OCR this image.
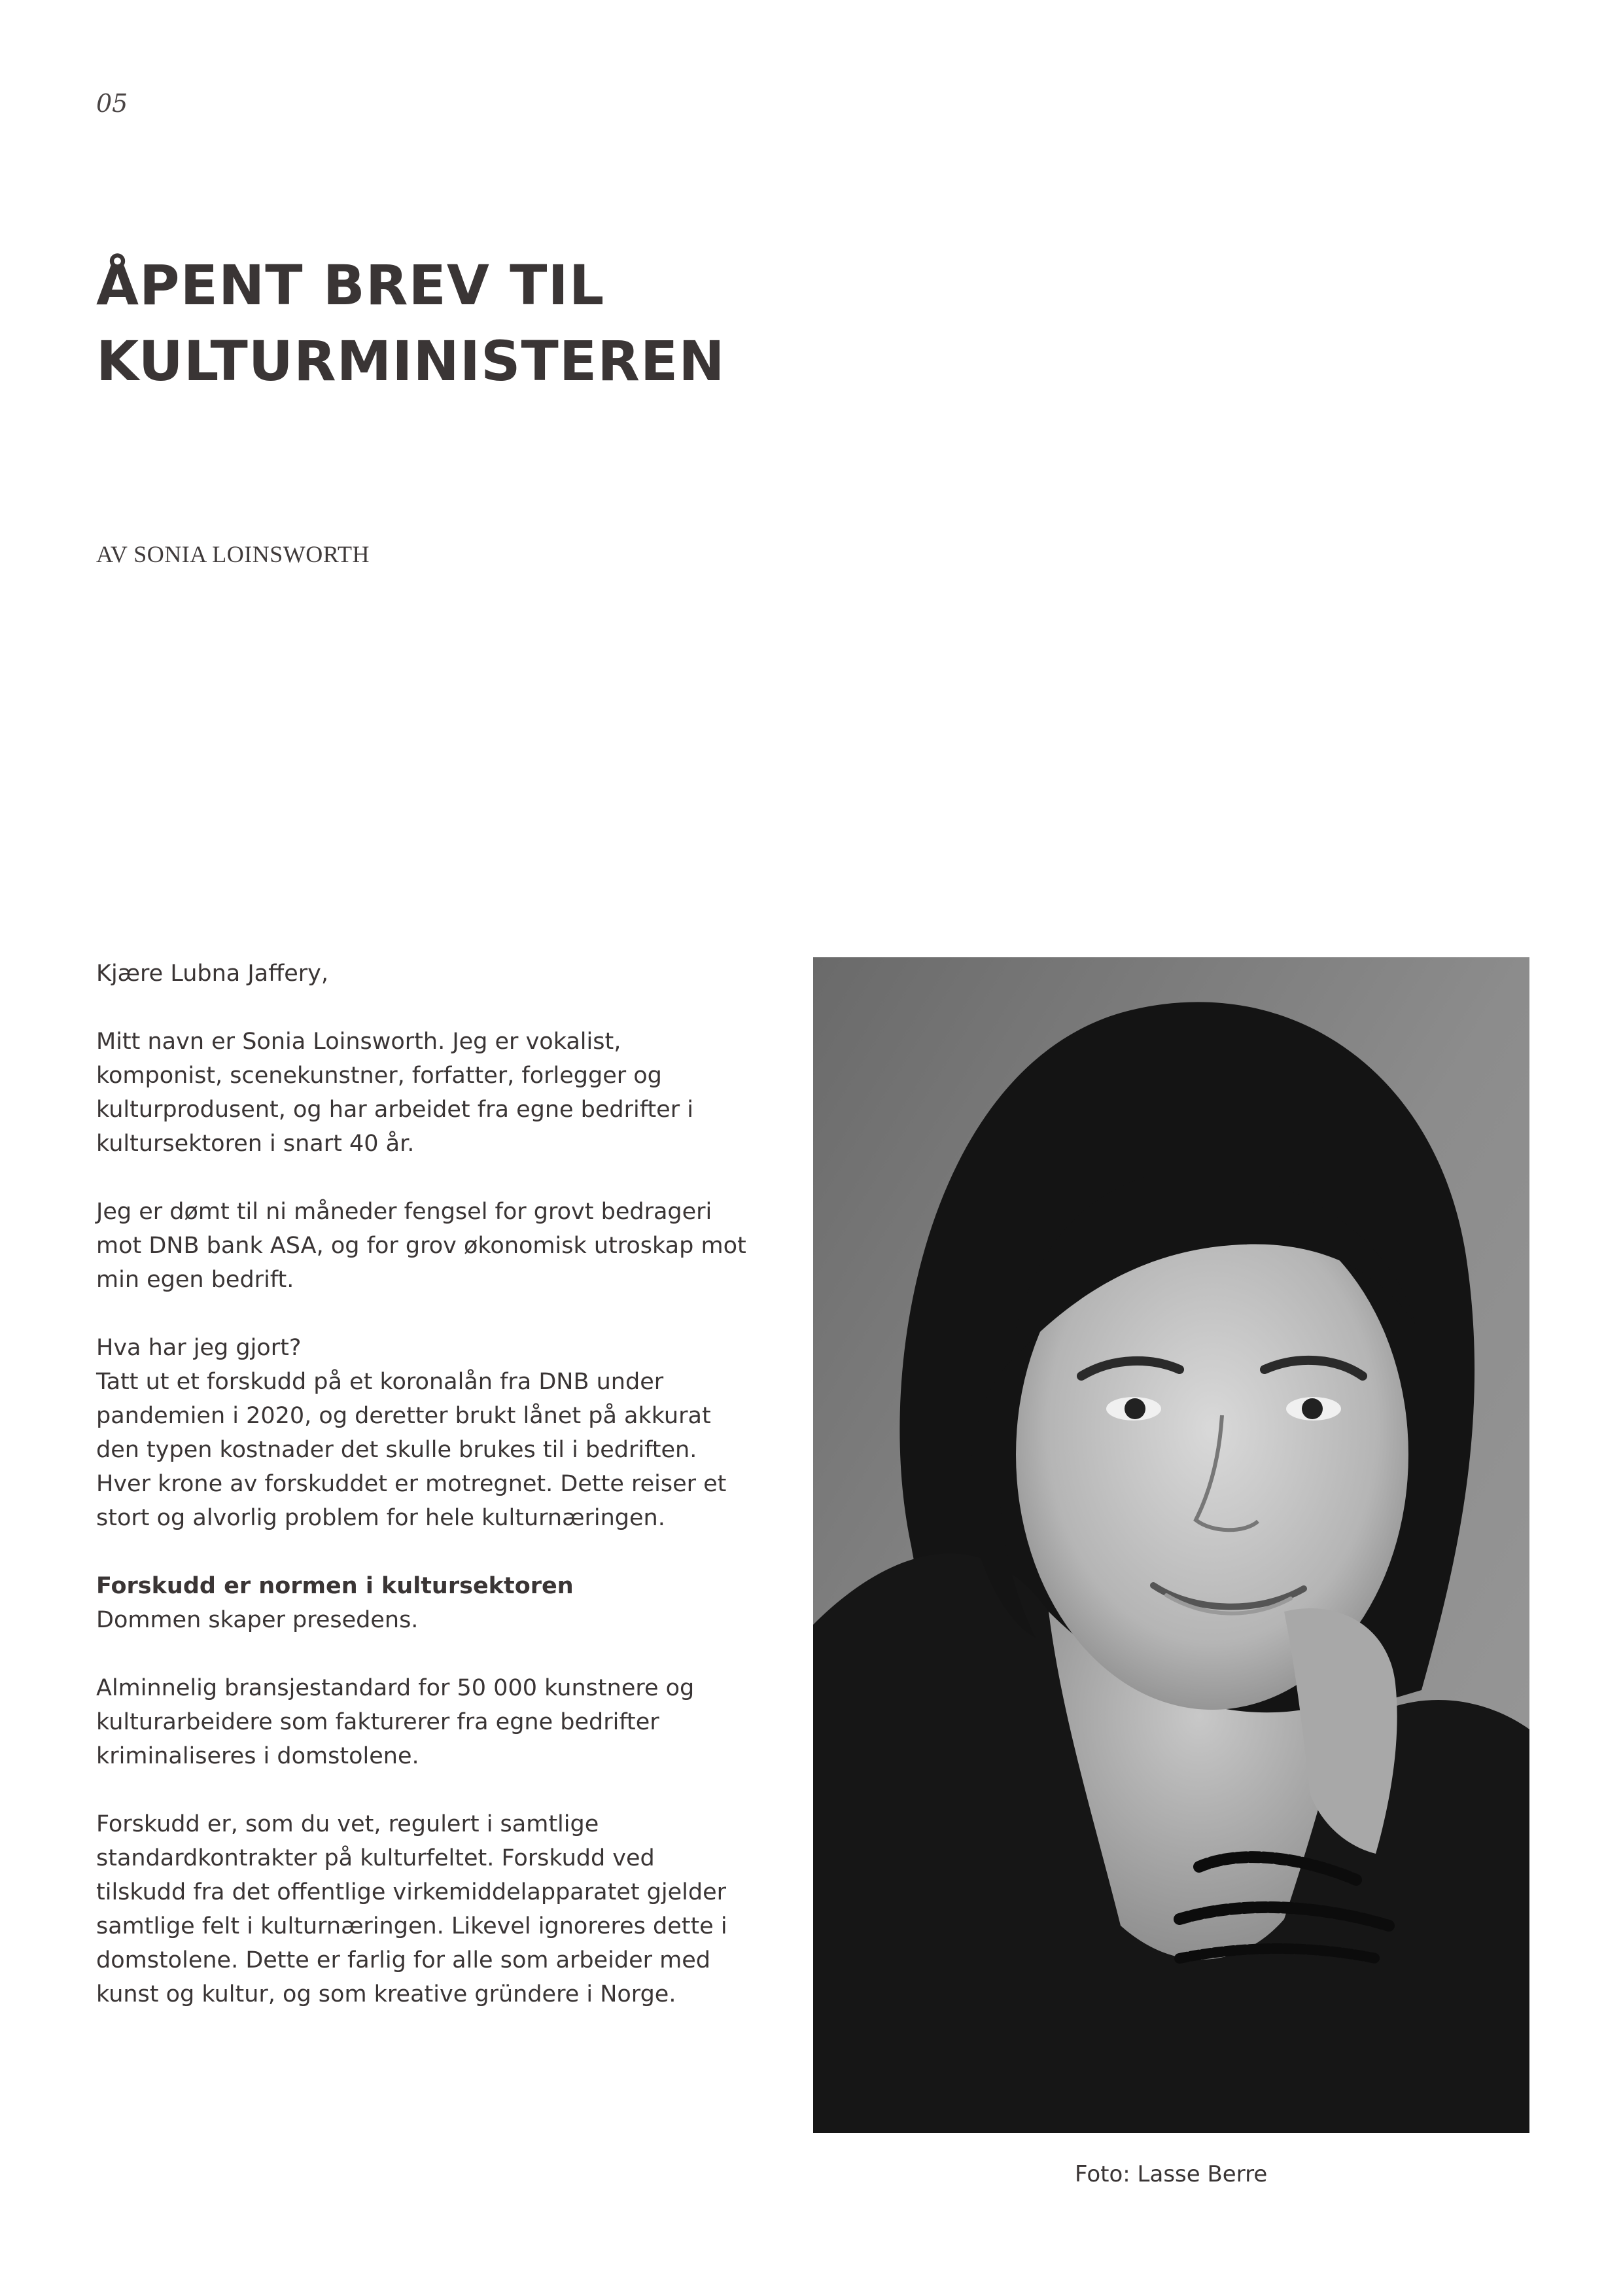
05
ÅPENT BREV TIL
KULTURMINISTEREN
AV SONIA LOINSWORTH

Kjære Lubna Jaffery,

Mitt navn er Sonia Loinsworth. Jeg er vokalist, komponist, scenekunstner, forfatter, forlegger og kulturprodusent, og har arbeidet fra egne bedrifter i kultursektoren i snart 40 år.

Jeg er dømt til ni måneder fengsel for grovt bedrageri mot DNB bank ASA, og for grov økonomisk utroskap mot min egen bedrift.

Hva har jeg gjort?
Tatt ut et forskudd på et koronalån fra DNB under pandemien i 2020, og deretter brukt lånet på akkurat den typen kostnader det skulle brukes til i bedriften. Hver krone av forskuddet er motregnet. Dette reiser et stort og alvorlig problem for hele kulturnæringen.

Forskudd er normen i kultursektoren
Dommen skaper presedens.

Alminnelig bransjestandard for 50 000 kunstnere og kulturarbeidere som fakturerer fra egne bedrifter kriminaliseres i domstolene.

Forskudd er, som du vet, regulert i samtlige standardkontrakter på kulturfeltet. Forskudd ved tilskudd fra det offentlige virkemiddelapparatet gjelder samtlige felt i kulturnæringen. Likevel ignoreres dette i domstolene. Dette er farlig for alle som arbeider med kunst og kultur, og som kreative gründere i Norge.

Foto: Lasse Berre
